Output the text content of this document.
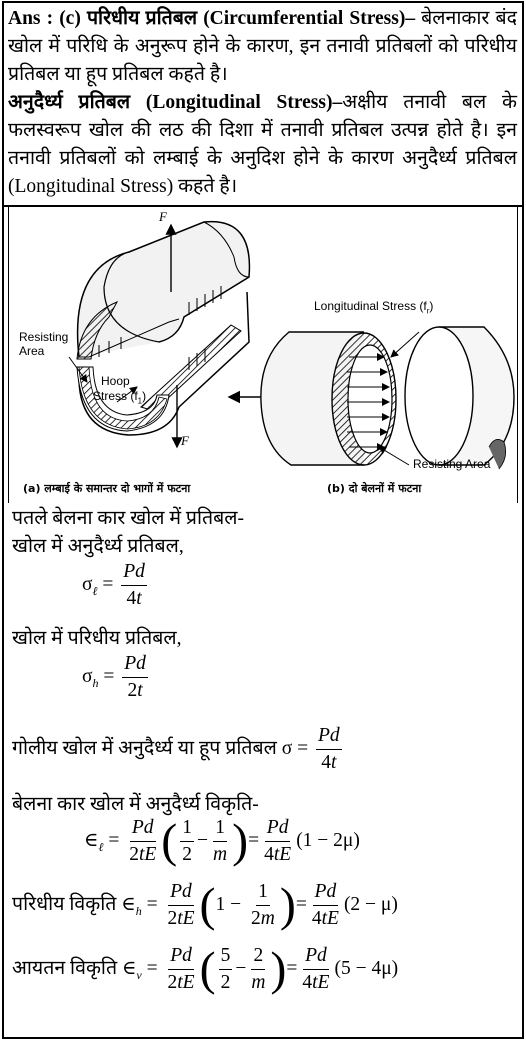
Ans : (c) परिधीय प्रतिबल (Circumferential Stress)– बेलनाकार बंद खोल में परिधि के अनुरूप होने के कारण, इन तनावी प्रतिबलों को परिधीय प्रतिबल या हूप प्रतिबल कहते है।

अनुदैर्ध्य प्रतिबल (Longitudinal Stress)–अक्षीय तनावी बल के फलस्वरूप खोल की लठ की दिशा में तनावी प्रतिबल उत्पन्न होते है। इन तनावी प्रतिबलों को लम्बाई के अनुदिश होने के कारण अनुदैर्ध्य प्रतिबल (Longitudinal Stress) कहते है।

F
F
Resisting
Area
Hoop
Stress $(f_1)$
Longitudinal Stress $(f_r)$
Resisting Area
(a) लम्बाई के समान्तर दो भागों में फटना	(b) दो बेलनों में फटना
पतले बेलना कार खोल में प्रतिबल-
खोल में अनुदैर्ध्य प्रतिबल,
$\sigma_\ell = \frac{Pd}{4t}$
खोल में परिधीय प्रतिबल,
$\sigma_h = \frac{Pd}{2t}$
गोलीय खोल में अनुदैर्ध्य या हूप प्रतिबल $\sigma = \frac{Pd}{4t}$
बेलना कार खोल में अनुदैर्ध्य विकृति-
$\in_\ell = \frac{Pd}{2tE}$ ( $\frac{1}{2} - \frac{1}{m}$ )= $\frac{Pd}{4tE} (1 - 2\mu)$
परिधीय विकृति $\in_h = \frac{Pd}{2tE} (1 - \frac{1}{2m}$ )= $\frac{Pd}{4tE} (2 - \mu)$
आयतन विकृति $\in_v = \frac{Pd}{2tE}$ ( $\frac{5}{2} - \frac{2}{m}$ )= $\frac{Pd}{4tE} (5 - 4\mu)$
